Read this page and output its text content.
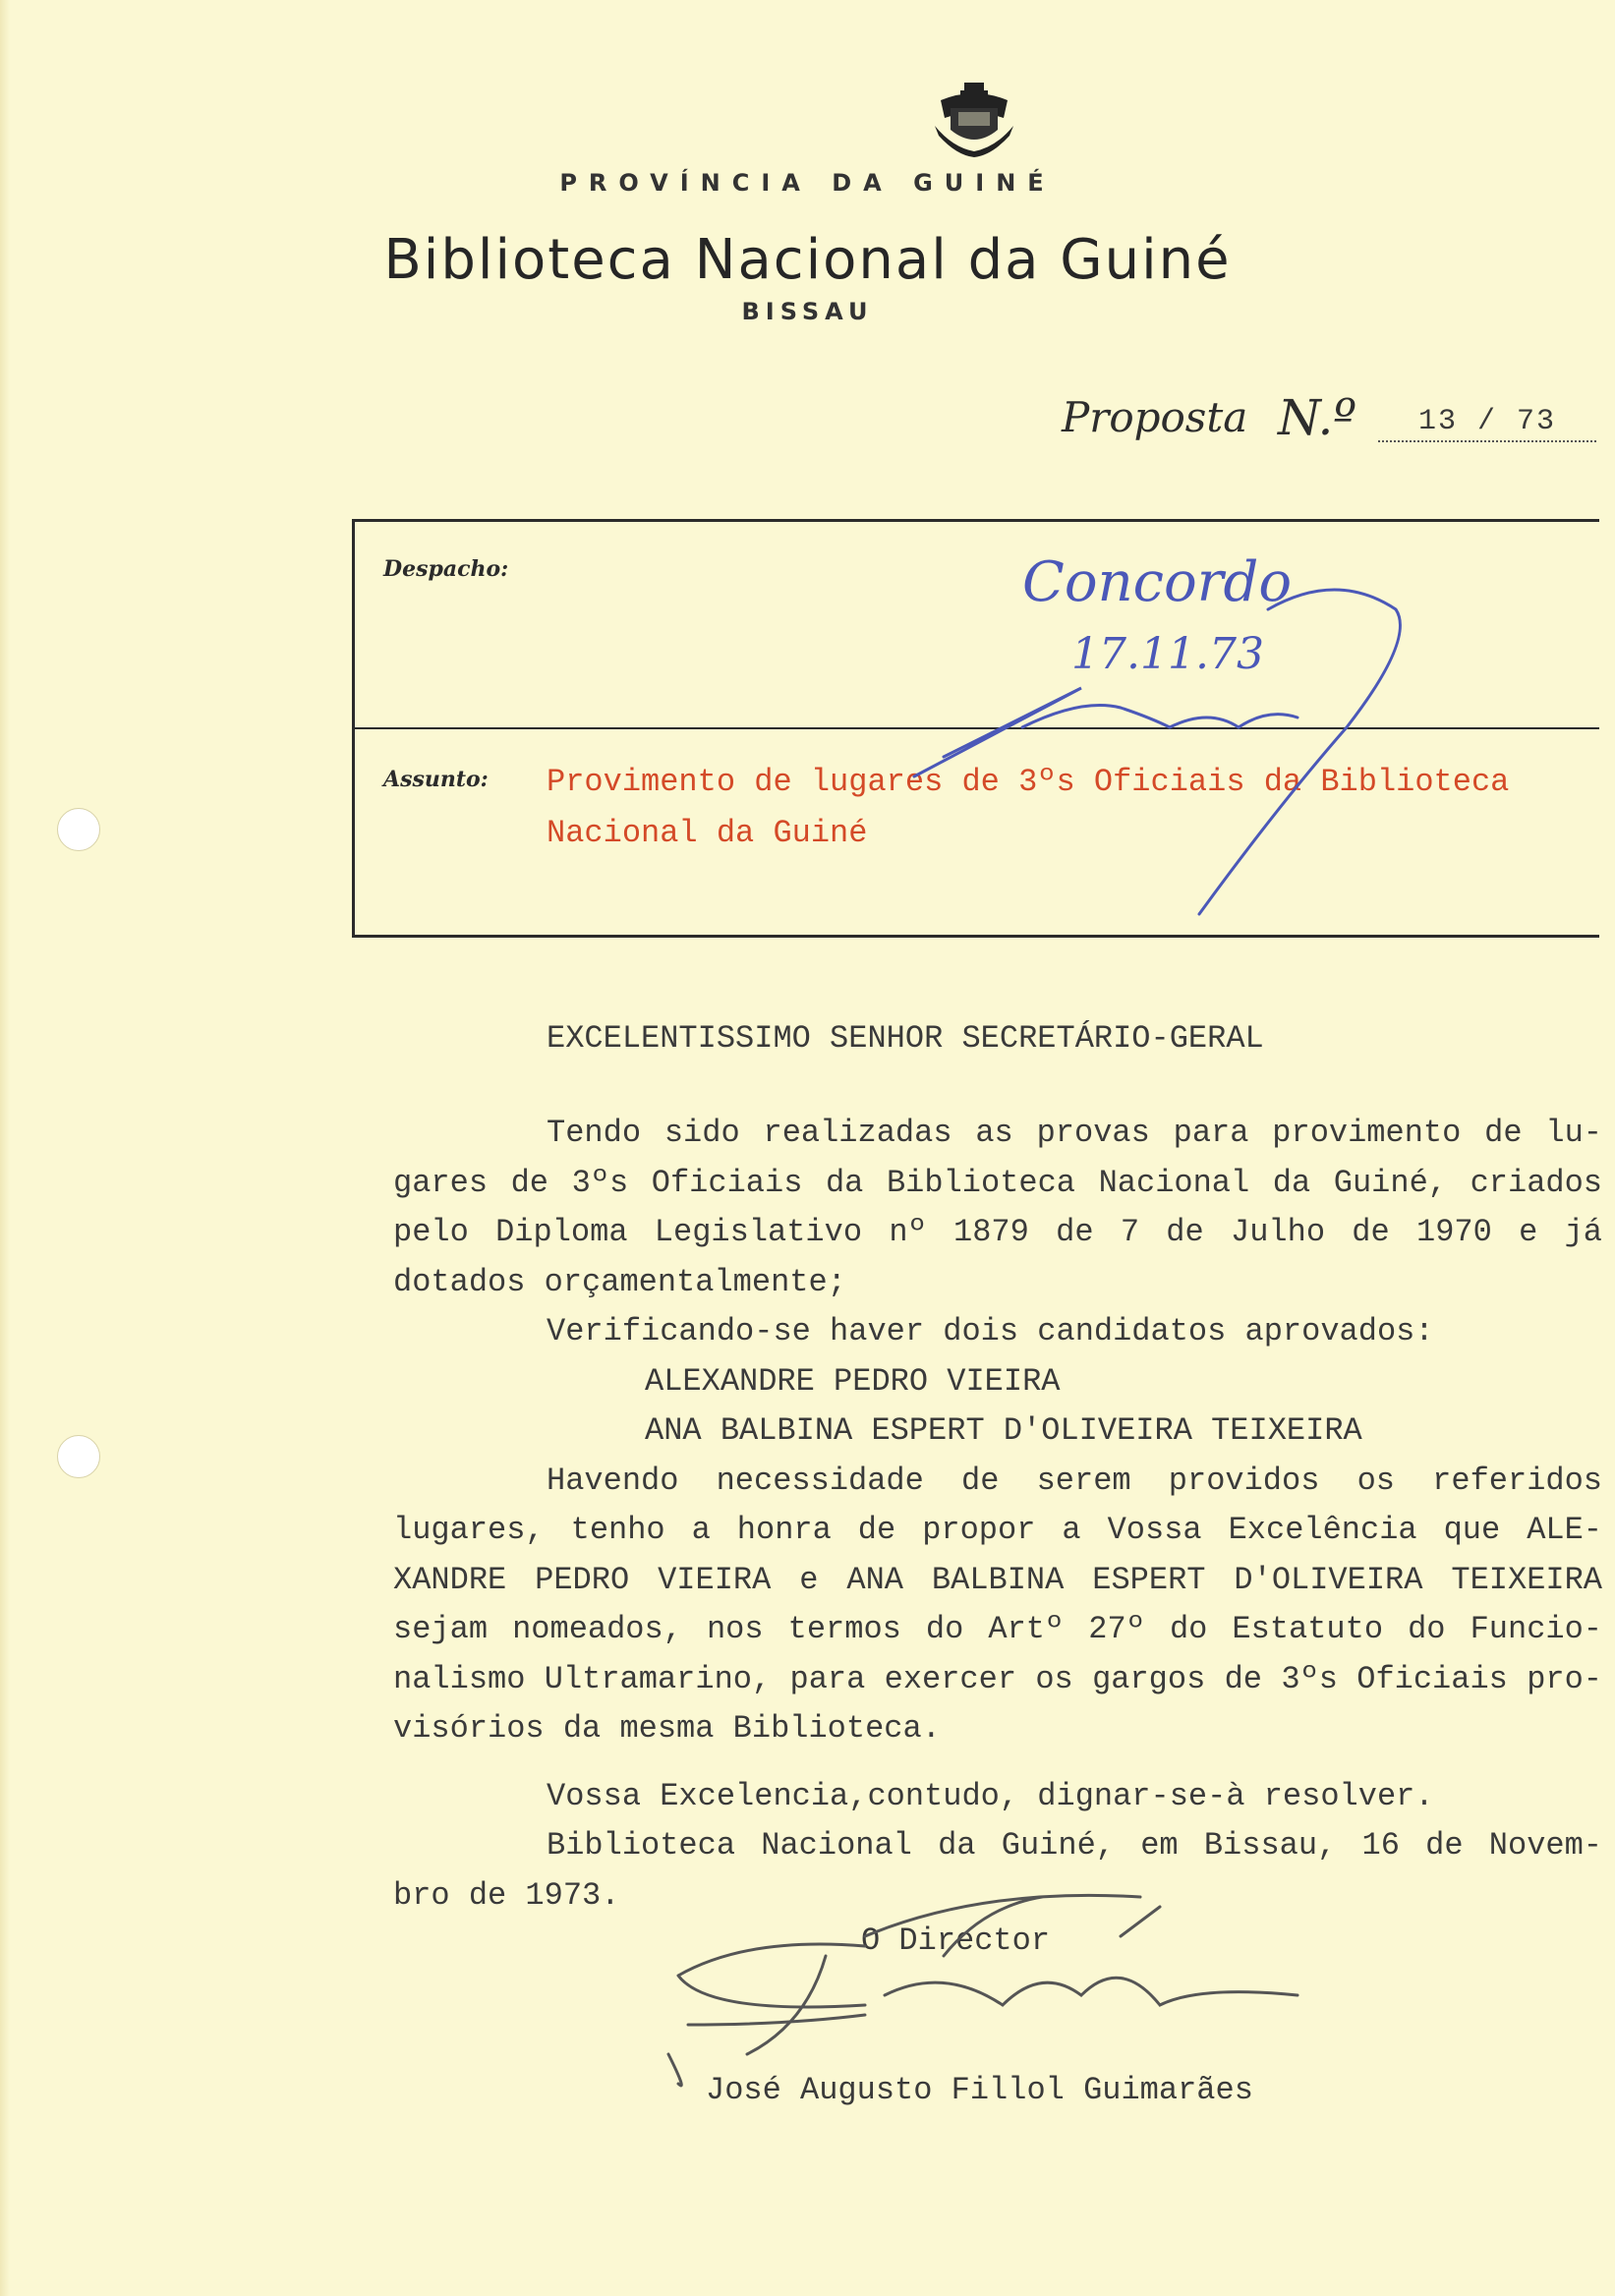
PROVÍNCIA DA GUINÉ
Biblioteca Nacional da Guiné
BISSAU
Proposta N.º	13 / 73
Despacho:	Concordo
17.11.73
Assunto: Provimento de lugares de 3ºs Oficiais da Biblioteca
Nacional da Guiné
EXCELENTISSIMO SENHOR SECRETÁRIO-GERAL

Tendo sido realizadas as provas para provimento de lu-

gares de 3ºs Oficiais da Biblioteca Nacional da Guiné, criados

pelo Diploma Legislativo nº 1879 de 7 de Julho de 1970 e já

dotados orçamentalmente;

Verificando-se haver dois candidatos aprovados:

ALEXANDRE PEDRO VIEIRA

ANA BALBINA ESPERT D'OLIVEIRA TEIXEIRA

Havendo necessidade de serem providos os referidos

lugares, tenho a honra de propor a Vossa Excelência que ALE-

XANDRE PEDRO VIEIRA e ANA BALBINA ESPERT D'OLIVEIRA TEIXEIRA

sejam nomeados, nos termos do Artº 27º do Estatuto do Funcio-

nalismo Ultramarino, para exercer os gargos de 3ºs Oficiais pro-

visórios da mesma Biblioteca.

Vossa Excelencia,contudo, dignar-se-à resolver.

Biblioteca Nacional da Guiné, em Bissau, 16 de Novem-

bro de 1973.

O Director
José Augusto Fillol Guimarães
